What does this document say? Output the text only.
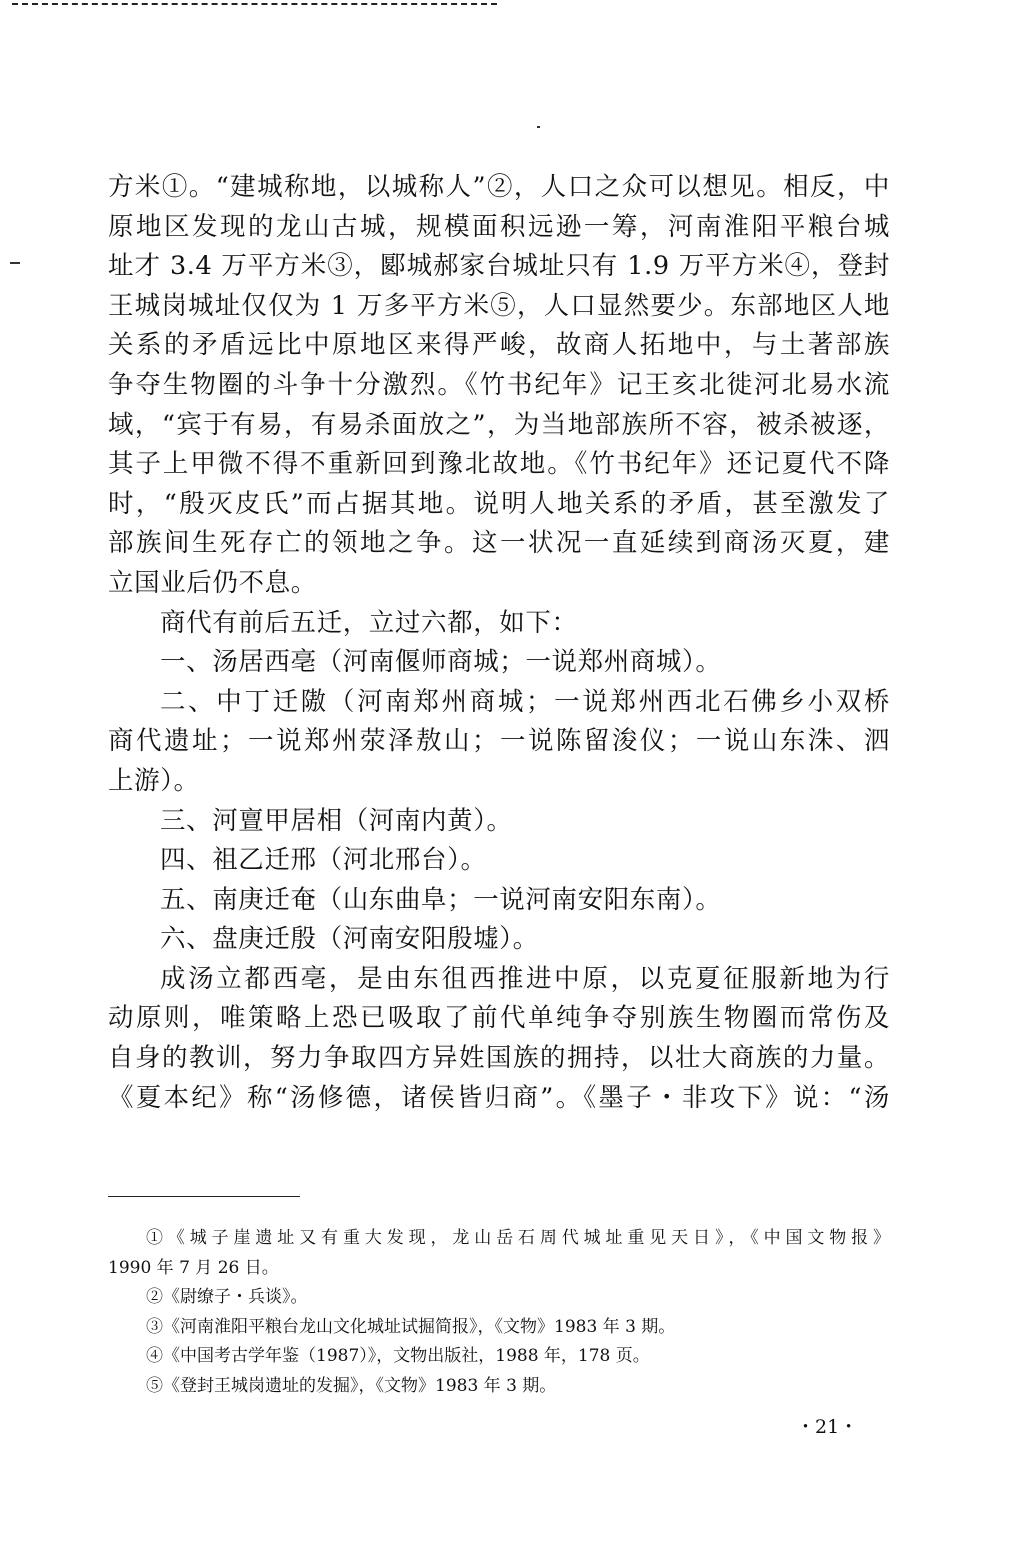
方米①。“建城称地，以城称人”②，人口之众可以想见。相反，中
原地区发现的龙山古城，规模面积远逊一筹，河南淮阳平粮台城
址才 3.4 万平方米③，郾城郝家台城址只有 1.9 万平方米④，登封
王城岗城址仅仅为 1 万多平方米⑤，人口显然要少。东部地区人地
关系的矛盾远比中原地区来得严峻，故商人拓地中，与土著部族
争夺生物圈的斗争十分激烈。《竹书纪年》记王亥北徙河北易水流
域，“宾于有易，有易杀面放之”，为当地部族所不容，被杀被逐，
其子上甲微不得不重新回到豫北故地。《竹书纪年》还记夏代不降
时，“殷灭皮氏”而占据其地。说明人地关系的矛盾，甚至激发了
部族间生死存亡的领地之争。这一状况一直延续到商汤灭夏，建
立国业后仍不息。
商代有前后五迁，立过六都，如下：
一、汤居西亳（河南偃师商城；一说郑州商城）。
二、中丁迁隞（河南郑州商城；一说郑州西北石佛乡小双桥
商代遗址；一说郑州荥泽敖山；一说陈留浚仪；一说山东洙、泗
上游）。
三、河亶甲居相（河南内黄）。
四、祖乙迁邢（河北邢台）。
五、南庚迁奄（山东曲阜；一说河南安阳东南）。
六、盘庚迁殷（河南安阳殷墟）。
成汤立都西亳，是由东徂西推进中原，以克夏征服新地为行
动原则，唯策略上恐已吸取了前代单纯争夺别族生物圈而常伤及
自身的教训，努力争取四方异姓国族的拥持，以壮大商族的力量。
《夏本纪》称“汤修德，诸侯皆归商”。《墨子・非攻下》说：“汤
①《城子崖遗址又有重大发现，龙山岳石周代城址重见天日》，《中国文物报》
1990 年 7 月 26 日。
②《尉缭子・兵谈》。
③《河南淮阳平粮台龙山文化城址试掘简报》，《文物》1983 年 3 期。
④《中国考古学年鉴（1987）》，文物出版社，1988 年，178 页。
⑤《登封王城岗遗址的发掘》，《文物》1983 年 3 期。
・21・
